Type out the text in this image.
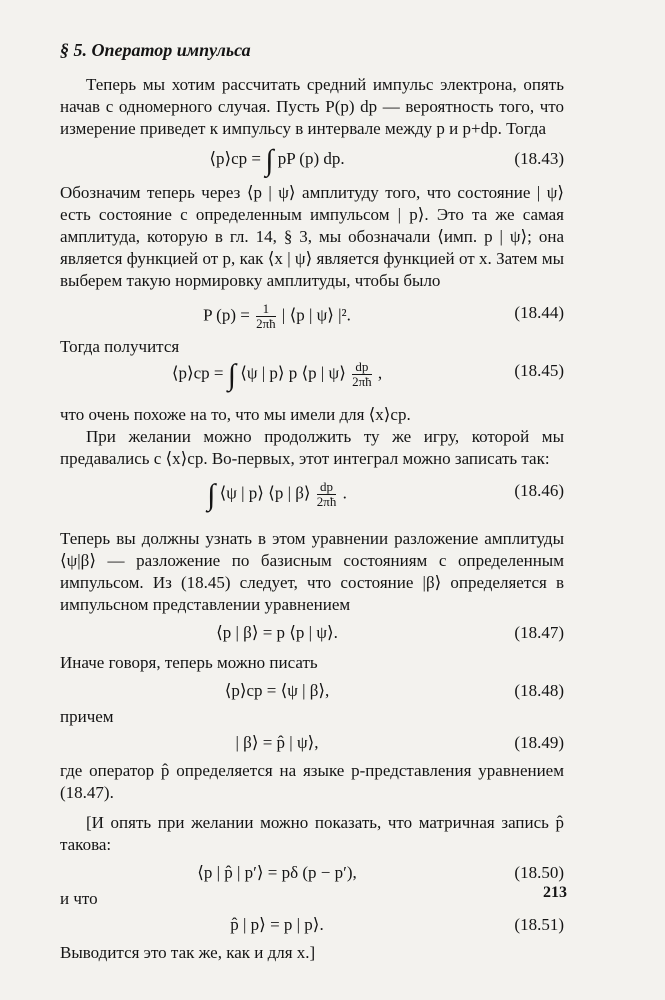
§ 5. Оператор импульса

Теперь мы хотим рассчитать средний импульс электрона, опять начав с одномерного случая. Пусть P(p) dp — вероятность того, что измерение приведет к импульсу в интервале между p и p+dp. Тогда

⟨p⟩ср = ∫ pP (p) dp.	(18.43)

Обозначим теперь через ⟨p | ψ⟩ амплитуду того, что состояние | ψ⟩ есть состояние с определенным импульсом | p⟩. Это та же самая амплитуда, которую в гл. 14, § 3, мы обозначали ⟨имп. p | ψ⟩; она является функцией от p, как ⟨x | ψ⟩ является функцией от x. Затем мы выберем такую нормировку амплитуды, чтобы было

P $(p) = \frac{1}{2\pi ħ}$ | ⟨p | ψ⟩ |².	(18.44)

Тогда получится

⟨p⟩ср = ∫ ⟨ψ | p⟩ p ⟨p | ψ⟩ $\frac{dp}{2\pi ħ}$ ,	(18.45)

что очень похоже на то, что мы имели для ⟨x⟩ср.

При желании можно продолжить ту же игру, которой мы предавались с ⟨x⟩ср. Во-первых, этот интеграл можно записать так:

∫ ⟨ψ | p⟩ ⟨p | β⟩ $\frac{dp}{2\pi ħ}$ .	(18.46)

Теперь вы должны узнать в этом уравнении разложение амплитуды ⟨ψ|β⟩ — разложение по базисным состояниям с определенным импульсом. Из (18.45) следует, что состояние |β⟩ определяется в импульсном представлении уравнением

⟨p | β⟩ = p ⟨p | ψ⟩.	(18.47)

Иначе говоря, теперь можно писать

⟨p⟩ср = ⟨ψ | β⟩,	(18.48)

причем

| β⟩ = p̂ | ψ⟩,	(18.49)

где оператор p̂ определяется на языке p-представления уравнением (18.47).

[И опять при желании можно показать, что матричная запись p̂ такова:

⟨p | p̂ | p′⟩ = pδ (p − p′),	(18.50)

и что

p̂ | p⟩ = p | p⟩.	(18.51)

Выводится это так же, как и для x.]

213
